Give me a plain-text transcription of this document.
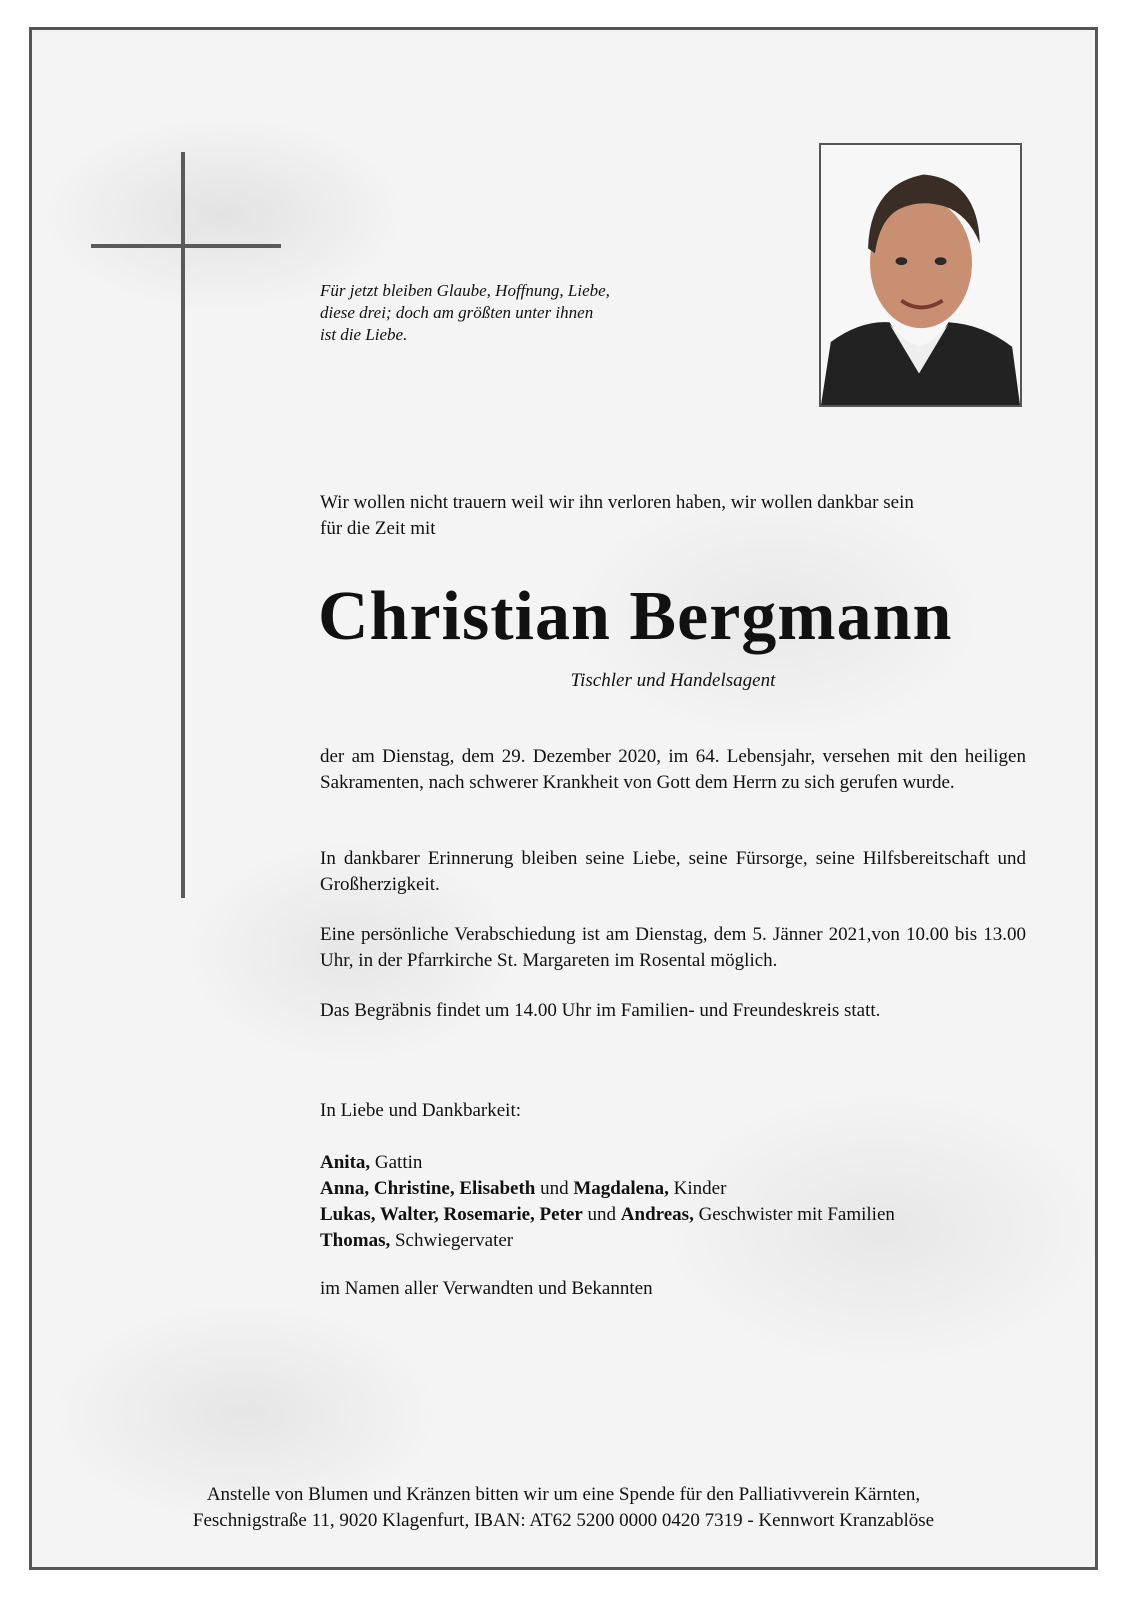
Für jetzt bleiben Glaube, Hoffnung, Liebe,
diese drei; doch am größten unter ihnen
ist die Liebe.
Wir wollen nicht trauern weil wir ihn verloren haben, wir wollen dankbar sein
für die Zeit mit
Christian Bergmann
Tischler und Handelsagent
der am Dienstag, dem 29. Dezember 2020, im 64. Lebensjahr, versehen mit den heiligen Sakramenten, nach schwerer Krankheit von Gott dem Herrn zu sich gerufen wurde.
In dankbarer Erinnerung bleiben seine Liebe, seine Fürsorge, seine Hilfsbereitschaft und Großherzigkeit.
Eine persönliche Verabschiedung ist am Dienstag, dem 5. Jänner 2021,von 10.00 bis 13.00 Uhr, in der Pfarrkirche St. Margareten im Rosental möglich.
Das Begräbnis findet um 14.00 Uhr im Familien- und Freundeskreis statt.
In Liebe und Dankbarkeit:
Anita, Gattin
Anna, Christine, Elisabeth und Magdalena, Kinder
Lukas, Walter, Rosemarie, Peter und Andreas, Geschwister mit Familien
Thomas, Schwiegervater
im Namen aller Verwandten und Bekannten
Anstelle von Blumen und Kränzen bitten wir um eine Spende für den Palliativverein Kärnten,
Feschnigstraße 11, 9020 Klagenfurt, IBAN: AT62 5200 0000 0420 7319 - Kennwort Kranzablöse
